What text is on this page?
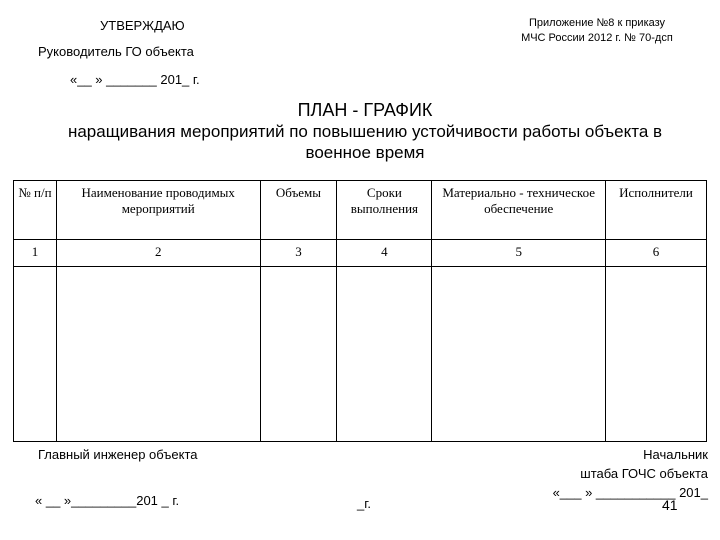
УТВЕРЖДАЮ
Руководитель ГО объекта
«__ » _______ 201_ г.
Приложение №8 к приказу
МЧС России 2012 г. № 70-дсп
ПЛАН - ГРАФИК
наращивания мероприятий по повышению устойчивости работы объекта в
военное время
№ п/п	Наименование проводимых мероприятий	Объемы	Сроки выполнения	Материально - техническое обеспечение	Исполнители
1	2	3	4	5	6

Главный инженер объекта
« __ »_________201 _ г.	_г.
Начальник
штаба ГОЧС объекта
«___ » ___________ 201_
41
